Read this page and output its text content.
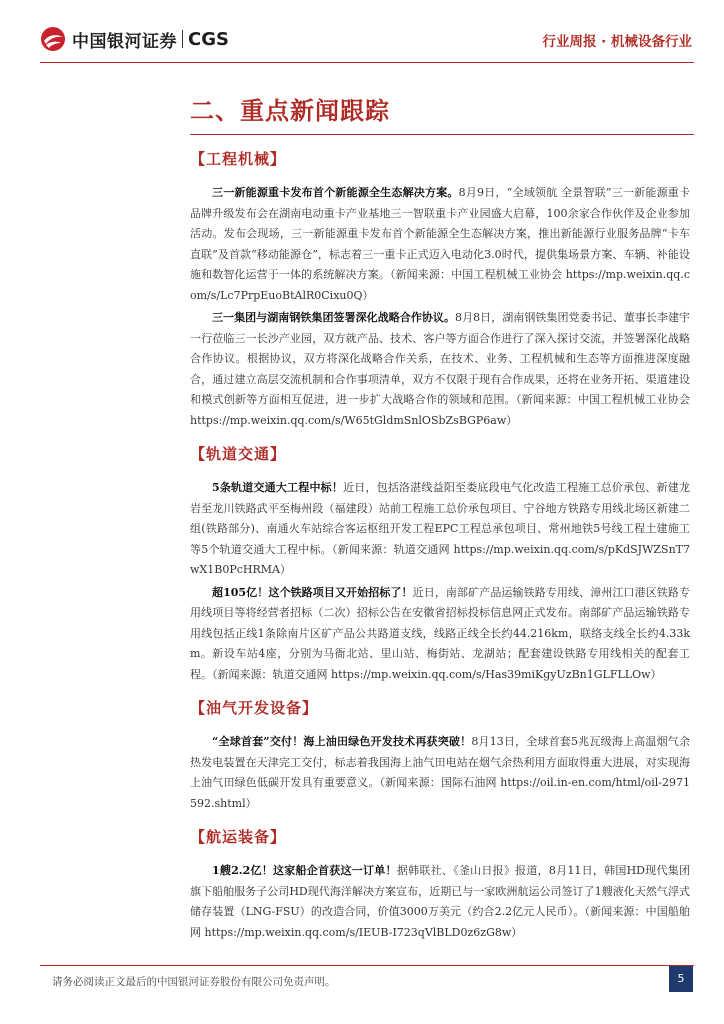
中国银河证券 CGS	行业周报 · 机械设备行业
二、重点新闻跟踪
【工程机械】

三一新能源重卡发布首个新能源全生态解决方案。8月9日，“全域领航 全景智联”三一新能源重卡品牌升级发布会在湖南电动重卡产业基地三一智联重卡产业园盛大启幕，100余家合作伙伴及企业参加活动。发布会现场，三一新能源重卡发布首个新能源全生态解决方案，推出新能源行业服务品牌“卡车直联”及首款“移动能源仓”，标志着三一重卡正式迈入电动化3.0时代，提供集场景方案、车辆、补能设施和数智化运营于一体的系统解决方案。（新闻来源：中国工程机械工业协会 https://mp.weixin.qq.com/s/Lc7PrpEuoBtAlR0Cixu0Q）

三一集团与湖南钢铁集团签署深化战略合作协议。8月8日，湖南钢铁集团党委书记、董事长李建宇一行莅临三一长沙产业园，双方就产品、技术、客户等方面合作进行了深入探讨交流，并签署深化战略合作协议。根据协议，双方将深化战略合作关系，在技术、业务、工程机械和生态等方面推进深度融合，通过建立高层交流机制和合作事项清单，双方不仅限于现有合作成果，还将在业务开拓、渠道建设和模式创新等方面相互促进，进一步扩大战略合作的领域和范围。（新闻来源：中国工程机械工业协会 https://mp.weixin.qq.com/s/W65tGldmSnlOSbZsBGP6aw）

【轨道交通】

5条轨道交通大工程中标！近日，包括洛湛线益阳至娄底段电气化改造工程施工总价承包、新建龙岩至龙川铁路武平至梅州段（福建段）站前工程施工总价承包项目、宁谷地方铁路专用线北场区新建二组(铁路部分)、南通火车站综合客运枢纽开发工程EPC工程总承包项目、常州地铁5号线工程土建施工等5个轨道交通大工程中标。（新闻来源：轨道交通网 https://mp.weixin.qq.com/s/pKdSJWZSnT7wX1B0PcHRMA）

超105亿！这个铁路项目又开始招标了！近日，南部矿产品运输铁路专用线、漳州江口港区铁路专用线项目等将经营者招标（二次）招标公告在安徽省招标投标信息网正式发布。南部矿产品运输铁路专用线包括正线1条除南片区矿产品公共路道支线，线路正线全长约44.216km，联络支线全长约4.33km。新设车站4座，分别为马衙北站、里山站、梅街站、龙湖站；配套建设铁路专用线相关的配套工程。（新闻来源：轨道交通网 https://mp.weixin.qq.com/s/Has39miKgyUzBn1GLFLLOw）

【油气开发设备】

“全球首套”交付！海上油田绿色开发技术再获突破！8月13日，全球首套5兆瓦级海上高温烟气余热发电装置在天津完工交付，标志着我国海上油气田电站在烟气余热利用方面取得重大进展，对实现海上油气田绿色低碳开发具有重要意义。（新闻来源：国际石油网 https://oil.in-en.com/html/oil-2971592.shtml）

【航运装备】

1艘2.2亿！这家船企首获这一订单！据韩联社、《釜山日报》报道，8月11日，韩国HD现代集团旗下船舶服务子公司HD现代海洋解决方案宣布，近期已与一家欧洲航运公司签订了1艘液化天然气浮式储存装置（LNG-FSU）的改造合同，价值3000万美元（约合2.2亿元人民币）。（新闻来源：中国船舶网 https://mp.weixin.qq.com/s/IEUB-I723qVlBLD0z6zG8w）

请务必阅读正文最后的中国银河证券股份有限公司免责声明。	5
